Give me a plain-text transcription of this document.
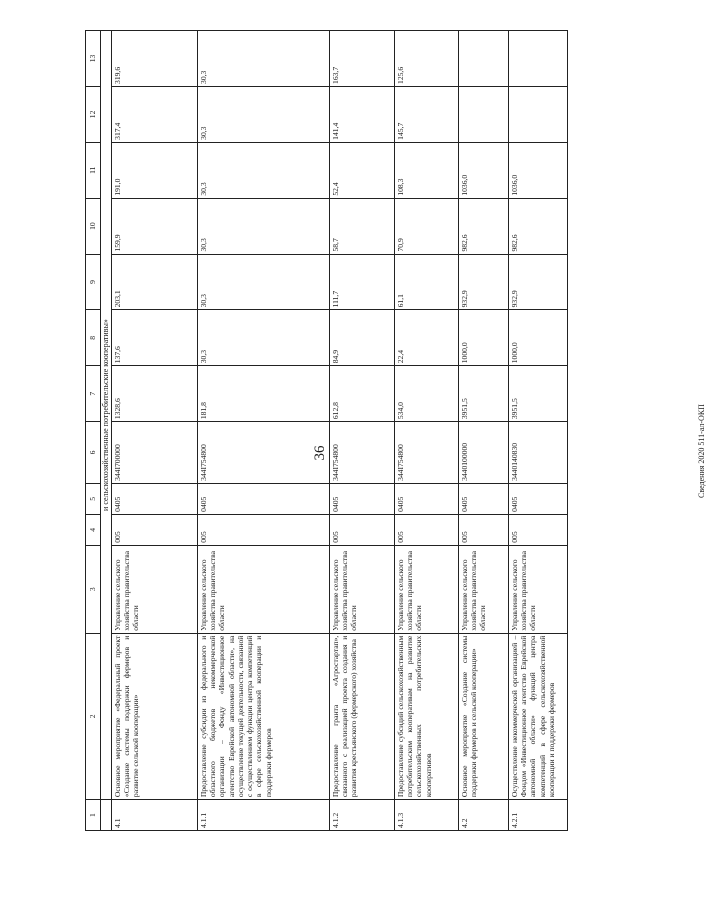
36	Сведения 2020 511-ал-ОКП
1	2	3	4	5	6	7	8	9	10	11	12	13
	и сельскохозяйственные потребительские кооперативы»											
4.1	Основное мероприятие «Федеральный проект «Создание системы поддержки фермеров и развитие сельской кооперации»	Управление сельского хозяйства правительства области	005	0405	344I700000	1328,6	137,6	203,1	159,9	191,0	317,4	319,6
4.1.1	Предоставление субсидии из федерального и областного бюджетов некоммерческой организации – Фонду «Инвестиционное агентство Еврейской автономной области», на осуществление текущей деятельности, связанной с осуществлением функции центра компетенций в сфере сельскохозяйственной кооперации и поддержки фермеров	Управление сельского хозяйства правительства области	005	0405	344I754800	181,8	30,3	30,3	30,3	30,3	30,3	30,3
4.1.2	Предоставление гранта «Агростартап», связанного с реализацией проекта создания и развития крестьянского (фермерского) хозяйства	Управление сельского хозяйства правительства области	005	0405	344I754800	612,8	84,9	111,7	58,7	52,4	141,4	163,7
4.1.3	Предоставление субсидий сельскохозяйственным потребительским кооперативам на развитие сельскохозяйственных потребительских кооперативов	Управление сельского хозяйства правительства области	005	0405	344I754800	534,0	22,4	61,1	70,9	108,3	145,7	125,6
4.2	Основное мероприятие «Создание системы поддержки фермеров и сельской кооперации»	Управление сельского хозяйства правительства области	005	0405	3440100000	3951,5	1000,0	932,9	982,6	1036,0		
4.2.1	Осуществление некоммерческой организацией – Фондом «Инвестиционное агентство Еврейской автономной области» функций центра компетенций в сфере сельскохозяйственной кооперации и поддержки фермеров	Управление сельского хозяйства правительства области	005	0405	3440140830	3951,5	1000,0	932,9	982,6	1036,0		
